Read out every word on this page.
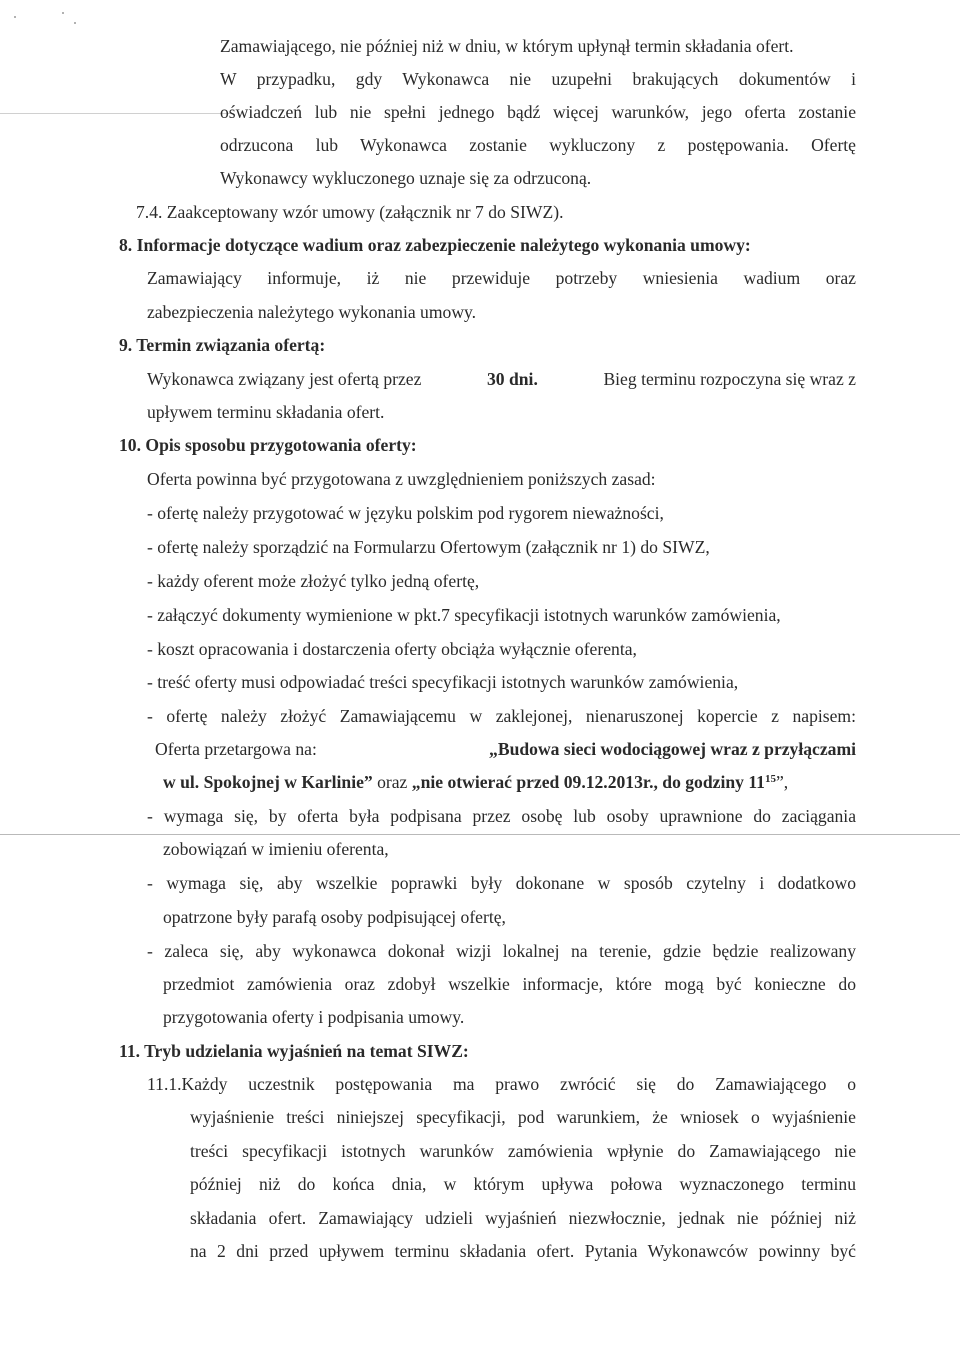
Zamawiającego, nie później niż w dniu, w którym upłynął termin składania ofert.
W przypadku, gdy Wykonawca nie uzupełni brakujących dokumentów i
oświadczeń lub nie spełni jednego bądź więcej warunków, jego oferta zostanie
odrzucona lub Wykonawca zostanie wykluczony z postępowania. Ofertę
Wykonawcy wykluczonego uznaje się za odrzuconą.
7.4. Zaakceptowany wzór umowy (załącznik nr 7 do SIWZ).
8. Informacje dotyczące wadium oraz zabezpieczenie należytego wykonania umowy:
Zamawiający informuje, iż nie przewiduje potrzeby wniesienia wadium oraz
zabezpieczenia należytego wykonania umowy.
9. Termin związania ofertą:
Wykonawca związany jest ofertą przez	30 dni.	Bieg terminu rozpoczyna się wraz z
upływem terminu składania ofert.
10. Opis sposobu przygotowania oferty:
Oferta powinna być przygotowana z uwzględnieniem poniższych zasad:
- ofertę należy przygotować w języku polskim pod rygorem nieważności,
- ofertę należy sporządzić na Formularzu Ofertowym (załącznik nr 1) do SIWZ,
- każdy oferent może złożyć tylko jedną ofertę,
- załączyć dokumenty wymienione w pkt.7 specyfikacji istotnych warunków zamówienia,
- koszt opracowania i dostarczenia oferty obciąża wyłącznie oferenta,
- treść oferty musi odpowiadać treści specyfikacji istotnych warunków zamówienia,
- ofertę należy złożyć Zamawiającemu w zaklejonej, nienaruszonej kopercie z napisem:
Oferta przetargowa na:	„Budowa sieci wodociągowej wraz z przyłączami
w ul. Spokojnej w Karlinie” oraz „nie otwierać przed 09.12.2013r., do godziny $11^{15}$”,
- wymaga się, by oferta była podpisana przez osobę lub osoby uprawnione do zaciągania
zobowiązań w imieniu oferenta,
- wymaga się, aby wszelkie poprawki były dokonane w sposób czytelny i dodatkowo
opatrzone były parafą osoby podpisującej ofertę,
- zaleca się, aby wykonawca dokonał wizji lokalnej na terenie, gdzie będzie realizowany
przedmiot zamówienia oraz zdobył wszelkie informacje, które mogą być konieczne do
przygotowania oferty i podpisania umowy.
11. Tryb udzielania wyjaśnień na temat SIWZ:
11.1.Każdy uczestnik postępowania ma prawo zwrócić się do Zamawiającego o
wyjaśnienie treści niniejszej specyfikacji, pod warunkiem, że wniosek o wyjaśnienie
treści specyfikacji istotnych warunków zamówienia wpłynie do Zamawiającego nie
później niż do końca dnia, w którym upływa połowa wyznaczonego terminu
składania ofert. Zamawiający udzieli wyjaśnień niezwłocznie, jednak nie później niż
na 2 dni przed upływem terminu składania ofert. Pytania Wykonawców powinny być
